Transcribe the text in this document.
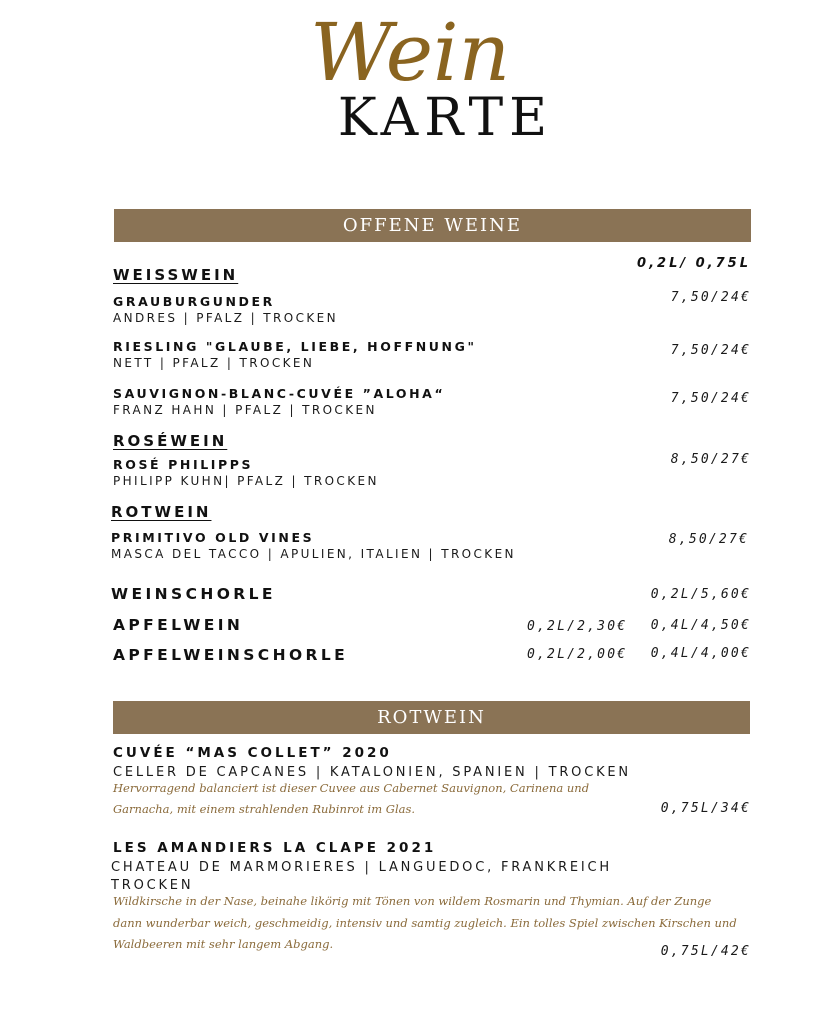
Wein
KARTE
OFFENE WEINE
0,2L/ 0,75L
WEISSWEIN
GRAUBURGUNDER
ANDRES | PFALZ | TROCKEN
7,50/24€
RIESLING "GLAUBE, LIEBE, HOFFNUNG"
NETT | PFALZ | TROCKEN
7,50/24€
SAUVIGNON-BLANC-CUVÉE ”ALOHA“
FRANZ HAHN | PFALZ | TROCKEN
7,50/24€
ROSÉWEIN
ROSÉ PHILIPPS
PHILIPP KUHN| PFALZ | TROCKEN
8,50/27€
ROTWEIN
PRIMITIVO OLD VINES
MASCA DEL TACCO | APULIEN, ITALIEN | TROCKEN
8,50/27€
WEINSCHORLE	0,2L/5,60€
APFELWEIN	0,2L/2,30€ 0,4L/4,50€
APFELWEINSCHORLE	0,2L/2,00€ 0,4L/4,00€
ROTWEIN
CUVÉE “MAS COLLET” 2020
CELLER DE CAPCANES | KATALONIEN, SPANIEN | TROCKEN
Hervorragend balanciert ist dieser Cuvee aus Cabernet Sauvignon, Carinena und
Garnacha, mit einem strahlenden Rubinrot im Glas.	0,75L/34€
LES AMANDIERS LA CLAPE 2021
CHATEAU DE MARMORIERES | LANGUEDOC, FRANKREICH
TROCKEN
Wildkirsche in der Nase, beinahe likörig mit Tönen von wildem Rosmarin und Thymian. Auf der Zunge
dann wunderbar weich, geschmeidig, intensiv und samtig zugleich. Ein tolles Spiel zwischen Kirschen und
Waldbeeren mit sehr langem Abgang.	0,75L/42€
